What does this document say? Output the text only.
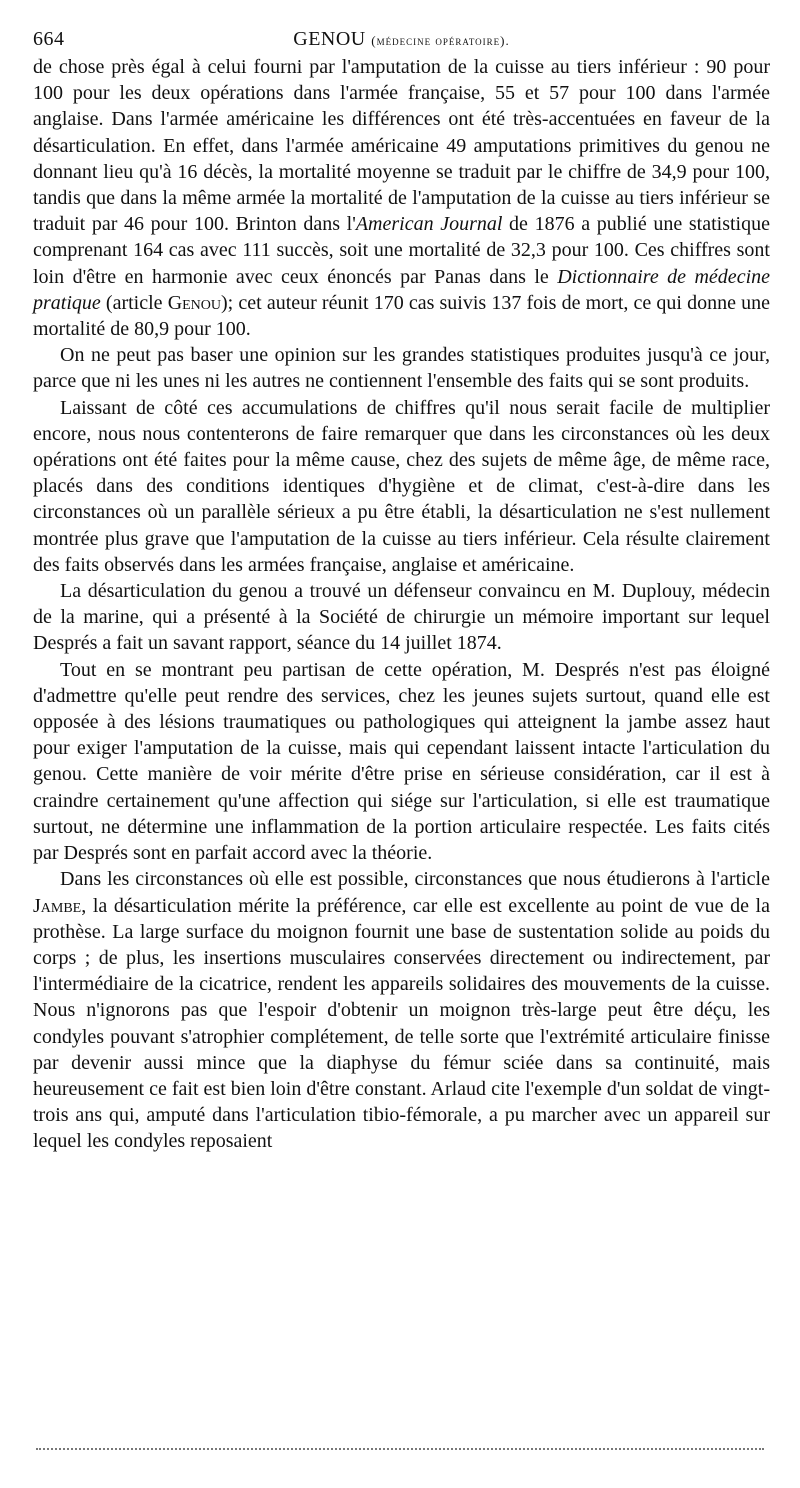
664	GENOU (médecine opératoire).

de chose près égal à celui fourni par l'amputation de la cuisse au tiers inférieur : 90 pour 100 pour les deux opérations dans l'armée française, 55 et 57 pour 100 dans l'armée anglaise. Dans l'armée américaine les différences ont été très-accentuées en faveur de la désarticulation. En effet, dans l'armée américaine 49 amputations primitives du genou ne donnant lieu qu'à 16 décès, la mortalité moyenne se traduit par le chiffre de 34,9 pour 100, tandis que dans la même armée la mortalité de l'amputation de la cuisse au tiers inférieur se traduit par 46 pour 100. Brinton dans l'American Journal de 1876 a publié une statistique comprenant 164 cas avec 111 succès, soit une mortalité de 32,3 pour 100. Ces chiffres sont loin d'être en harmonie avec ceux énoncés par Panas dans le Dictionnaire de médecine pratique (article Genou); cet auteur réunit 170 cas suivis 137 fois de mort, ce qui donne une mortalité de 80,9 pour 100.

On ne peut pas baser une opinion sur les grandes statistiques produites jusqu'à ce jour, parce que ni les unes ni les autres ne contiennent l'ensemble des faits qui se sont produits.

Laissant de côté ces accumulations de chiffres qu'il nous serait facile de multiplier encore, nous nous contenterons de faire remarquer que dans les circonstances où les deux opérations ont été faites pour la même cause, chez des sujets de même âge, de même race, placés dans des conditions identiques d'hygiène et de climat, c'est-à-dire dans les circonstances où un parallèle sérieux a pu être établi, la désarticulation ne s'est nullement montrée plus grave que l'amputation de la cuisse au tiers inférieur. Cela résulte clairement des faits observés dans les armées française, anglaise et américaine.

La désarticulation du genou a trouvé un défenseur convaincu en M. Duplouy, médecin de la marine, qui a présenté à la Société de chirurgie un mémoire important sur lequel Després a fait un savant rapport, séance du 14 juillet 1874.

Tout en se montrant peu partisan de cette opération, M. Després n'est pas éloigné d'admettre qu'elle peut rendre des services, chez les jeunes sujets surtout, quand elle est opposée à des lésions traumatiques ou pathologiques qui atteignent la jambe assez haut pour exiger l'amputation de la cuisse, mais qui cependant laissent intacte l'articulation du genou. Cette manière de voir mérite d'être prise en sérieuse considération, car il est à craindre certainement qu'une affection qui siége sur l'articulation, si elle est traumatique surtout, ne détermine une inflammation de la portion articulaire respectée. Les faits cités par Després sont en parfait accord avec la théorie.

Dans les circonstances où elle est possible, circonstances que nous étudierons à l'article Jambe, la désarticulation mérite la préférence, car elle est excellente au point de vue de la prothèse. La large surface du moignon fournit une base de sustentation solide au poids du corps ; de plus, les insertions musculaires conservées directement ou indirectement, par l'intermédiaire de la cicatrice, rendent les appareils solidaires des mouvements de la cuisse. Nous n'ignorons pas que l'espoir d'obtenir un moignon très-large peut être déçu, les condyles pouvant s'atrophier complétement, de telle sorte que l'extrémité articulaire finisse par devenir aussi mince que la diaphyse du fémur sciée dans sa continuité, mais heureusement ce fait est bien loin d'être constant. Arlaud cite l'exemple d'un soldat de vingt-trois ans qui, amputé dans l'articulation tibio-fémorale, a pu marcher avec un appareil sur lequel les condyles reposaient
